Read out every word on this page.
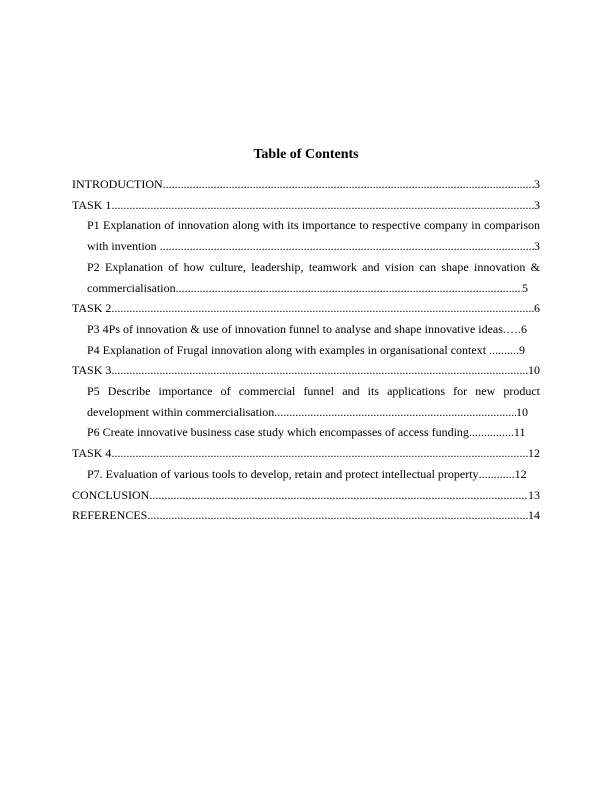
Table of Contents
INTRODUCTION .....	3
TASK 1 .....	3
P1 Explanation of innovation along with its importance to respective company in comparison
with invention .....	3
P2 Explanation of how culture, leadership, teamwork and vision can shape innovation &
commercialisation .....	5
TASK 2 .....	6
P3 4Ps of innovation & use of innovation funnel to analyse and shape innovative ideas. …. 6
P4 Explanation of Frugal innovation along with examples in organisational context .......... 9
TASK 3 .....	10
P5 Describe importance of commercial funnel and its applications for new product
development within commercialisation .....	10
P6 Create innovative business case study which encompasses of access funding ............... 11
TASK 4 .....	12
P7. Evaluation of various tools to develop, retain and protect intellectual property ............ 12
CONCLUSION .....	13
REFERENCES .....	14
